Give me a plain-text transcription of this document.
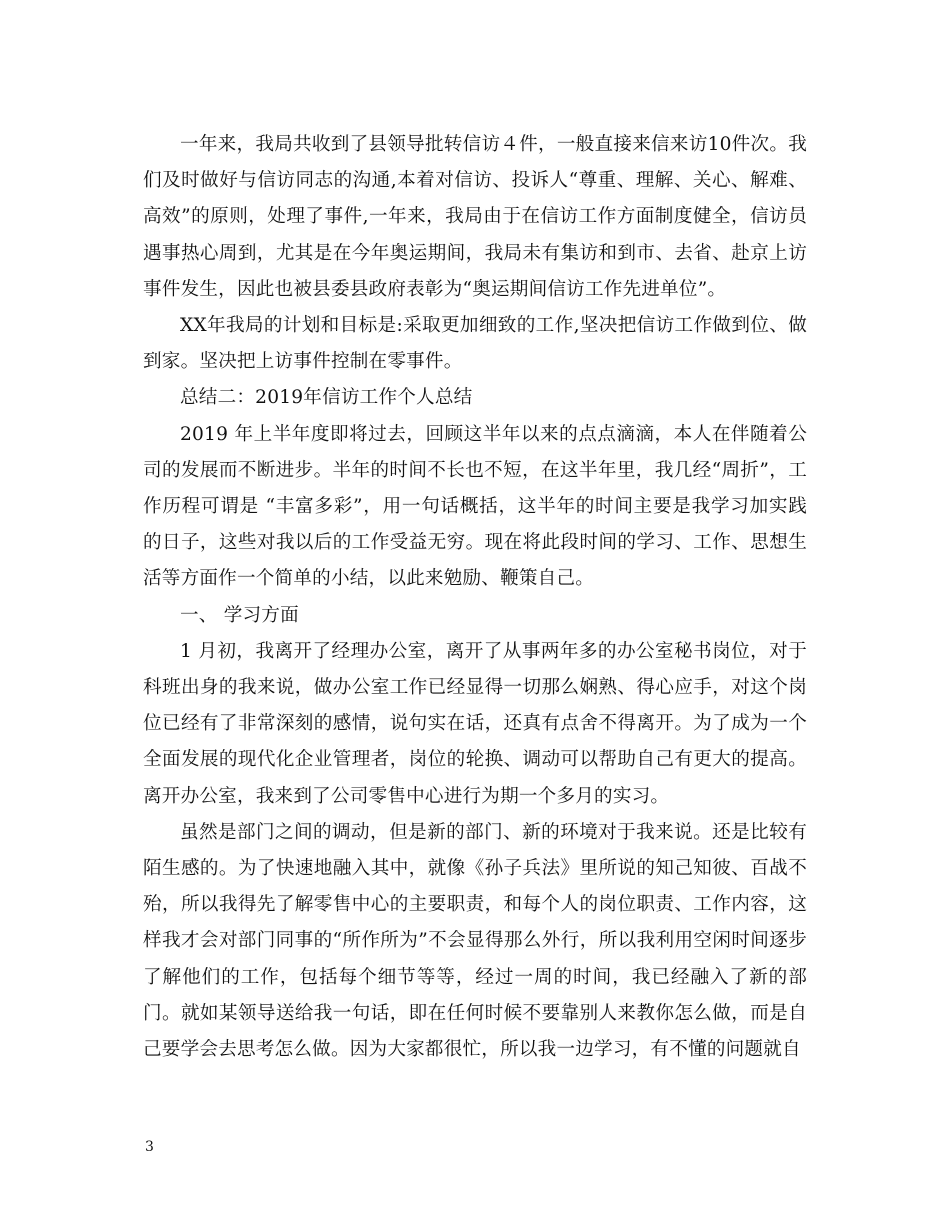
一年来，我局共收到了县领导批转信访４件，一般直接来信来访10件次。我们及时做好与信访同志的沟通,本着对信访、投诉人“尊重、理解、关心、解难、高效”的原则，处理了事件,一年来，我局由于在信访工作方面制度健全，信访员遇事热心周到，尤其是在今年奥运期间，我局未有集访和到市、去省、赴京上访事件发生，因此也被县委县政府表彰为“奥运期间信访工作先进单位”。

XX年我局的计划和目标是:采取更加细致的工作,坚决把信访工作做到位、做到家。坚决把上访事件控制在零事件。

总结二：2019年信访工作个人总结

2019 年上半年度即将过去，回顾这半年以来的点点滴滴，本人在伴随着公司的发展而不断进步。半年的时间不长也不短，在这半年里，我几经“周折”，工作历程可谓是 “丰富多彩”，用一句话概括，这半年的时间主要是我学习加实践的日子，这些对我以后的工作受益无穷。现在将此段时间的学习、工作、思想生活等方面作一个简单的小结，以此来勉励、鞭策自己。

一、 学习方面

1 月初，我离开了经理办公室，离开了从事两年多的办公室秘书岗位，对于科班出身的我来说，做办公室工作已经显得一切那么娴熟、得心应手，对这个岗位已经有了非常深刻的感情，说句实在话，还真有点舍不得离开。为了成为一个全面发展的现代化企业管理者，岗位的轮换、调动可以帮助自己有更大的提高。离开办公室，我来到了公司零售中心进行为期一个多月的实习。

虽然是部门之间的调动，但是新的部门、新的环境对于我来说。还是比较有陌生感的。为了快速地融入其中，就像《孙子兵法》里所说的知己知彼、百战不殆，所以我得先了解零售中心的主要职责，和每个人的岗位职责、工作内容，这样我才会对部门同事的“所作所为”不会显得那么外行，所以我利用空闲时间逐步了解他们的工作，包括每个细节等等，经过一周的时间，我已经融入了新的部门。就如某领导送给我一句话，即在任何时候不要靠别人来教你怎么做，而是自己要学会去思考怎么做。因为大家都很忙，所以我一边学习，有不懂的问题就自

3
